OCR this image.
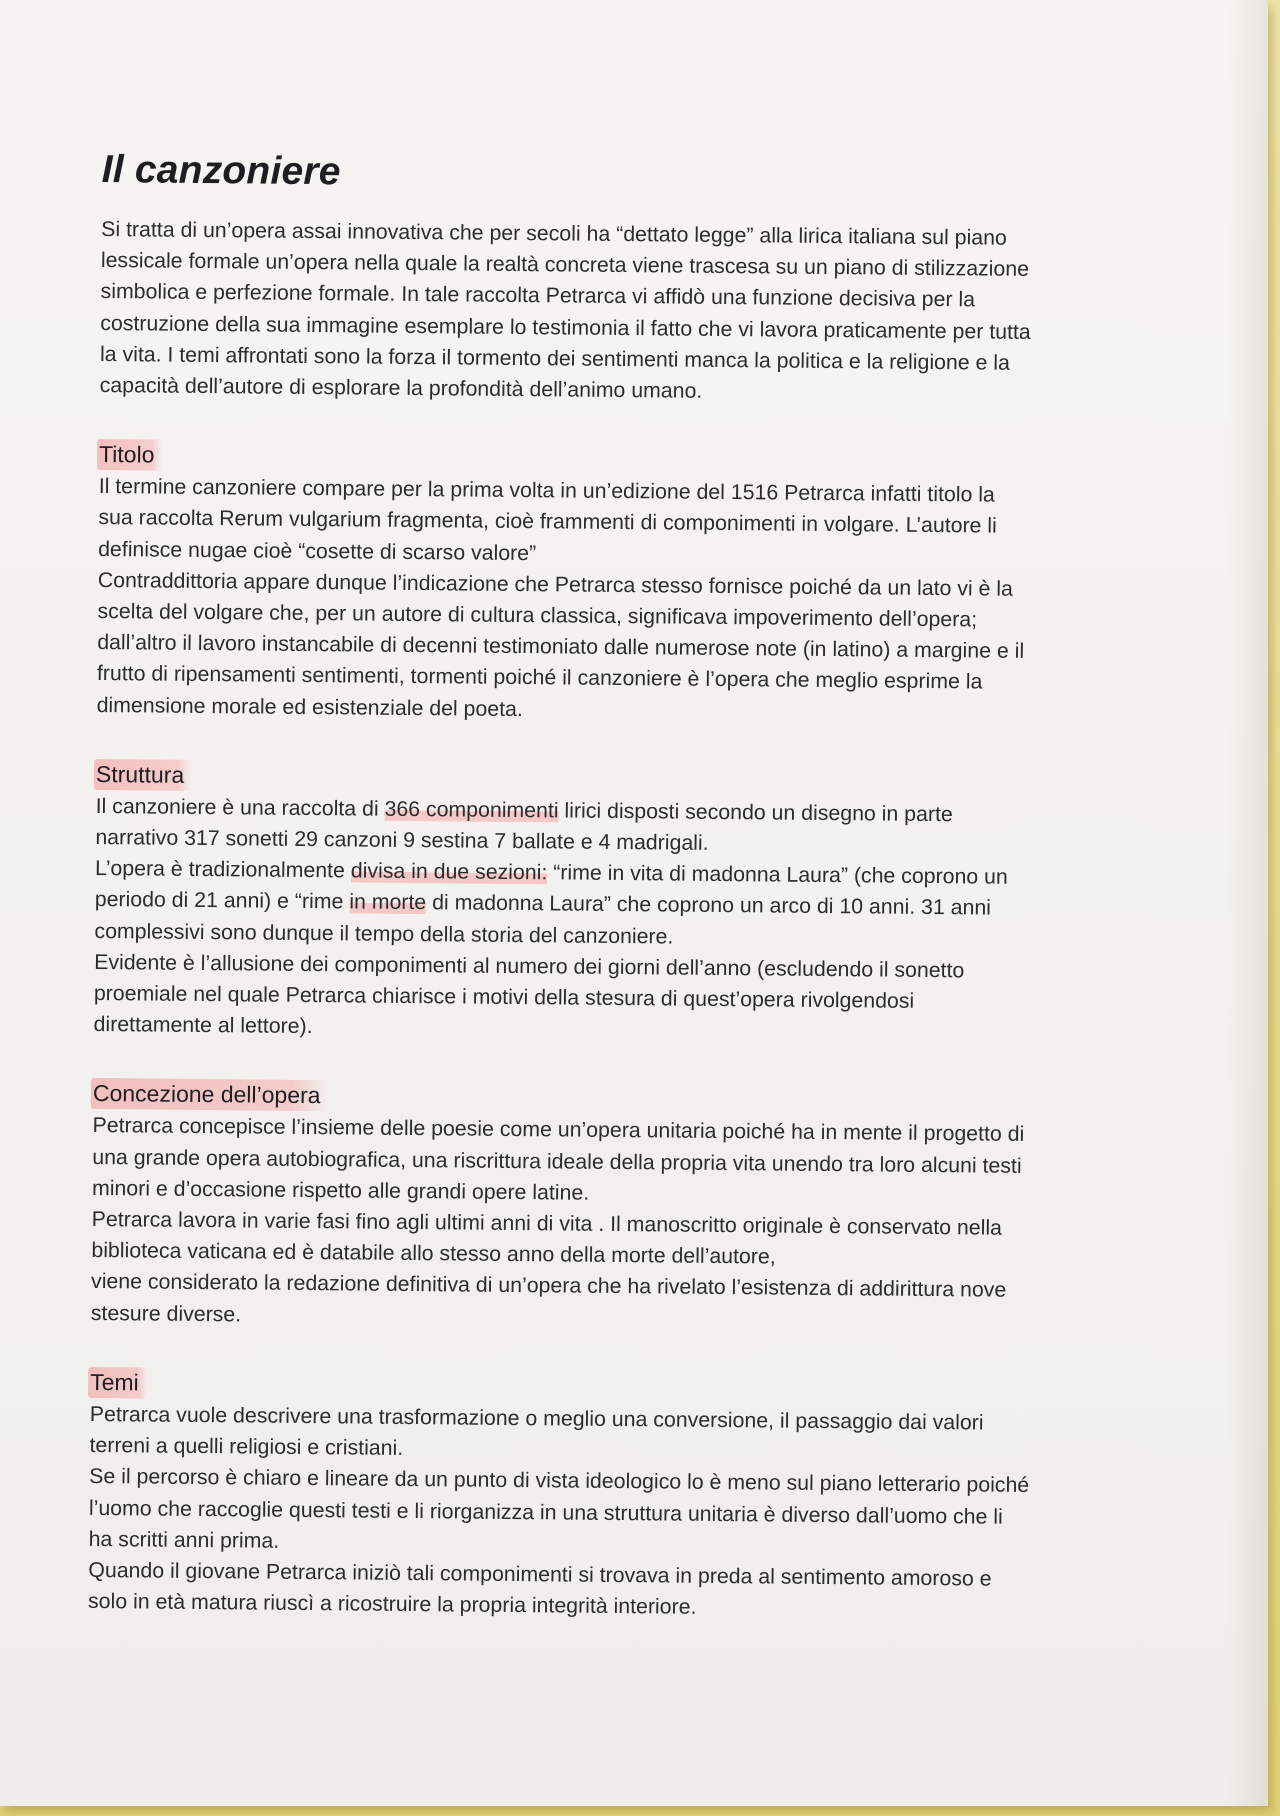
Il canzoniere

Si tratta di un’opera assai innovativa che per secoli ha “dettato legge” alla lirica italiana sul piano

lessicale formale un’opera nella quale la realtà concreta viene trascesa su un piano di stilizzazione

simbolica e perfezione formale. In tale raccolta Petrarca vi affidò una funzione decisiva per la

costruzione della sua immagine esemplare lo testimonia il fatto che vi lavora praticamente per tutta

la vita. I temi affrontati sono la forza il tormento dei sentimenti manca la politica e la religione e la

capacità dell’autore di esplorare la profondità dell’animo umano.

Titolo

Il termine canzoniere compare per la prima volta in un’edizione del 1516 Petrarca infatti titolo la

sua raccolta Rerum vulgarium fragmenta, cioè frammenti di componimenti in volgare. L’autore li

definisce nugae cioè “cosette di scarso valore”

Contraddittoria appare dunque l’indicazione che Petrarca stesso fornisce poiché da un lato vi è la

scelta del volgare che, per un autore di cultura classica, significava impoverimento dell’opera;

dall’altro il lavoro instancabile di decenni testimoniato dalle numerose note (in latino) a margine e il

frutto di ripensamenti sentimenti, tormenti poiché il canzoniere è l’opera che meglio esprime la

dimensione morale ed esistenziale del poeta.

Struttura

Il canzoniere è una raccolta di 366 componimenti lirici disposti secondo un disegno in parte

narrativo 317 sonetti 29 canzoni 9 sestina 7 ballate e 4 madrigali.

L’opera è tradizionalmente divisa in due sezioni: “rime in vita di madonna Laura” (che coprono un

periodo di 21 anni) e “rime in morte di madonna Laura” che coprono un arco di 10 anni. 31 anni

complessivi sono dunque il tempo della storia del canzoniere.

Evidente è l’allusione dei componimenti al numero dei giorni dell’anno (escludendo il sonetto

proemiale nel quale Petrarca chiarisce i motivi della stesura di quest’opera rivolgendosi

direttamente al lettore).

Concezione dell’opera

Petrarca concepisce l’insieme delle poesie come un’opera unitaria poiché ha in mente il progetto di

una grande opera autobiografica, una riscrittura ideale della propria vita unendo tra loro alcuni testi

minori e d’occasione rispetto alle grandi opere latine.

Petrarca lavora in varie fasi fino agli ultimi anni di vita . Il manoscritto originale è conservato nella

biblioteca vaticana ed è databile allo stesso anno della morte dell’autore,

viene considerato la redazione definitiva di un’opera che ha rivelato l’esistenza di addirittura nove

stesure diverse.

Temi

Petrarca vuole descrivere una trasformazione o meglio una conversione, il passaggio dai valori

terreni a quelli religiosi e cristiani.

Se il percorso è chiaro e lineare da un punto di vista ideologico lo è meno sul piano letterario poiché

l’uomo che raccoglie questi testi e li riorganizza in una struttura unitaria è diverso dall’uomo che li

ha scritti anni prima.

Quando il giovane Petrarca iniziò tali componimenti si trovava in preda al sentimento amoroso e

solo in età matura riuscì a ricostruire la propria integrità interiore.
